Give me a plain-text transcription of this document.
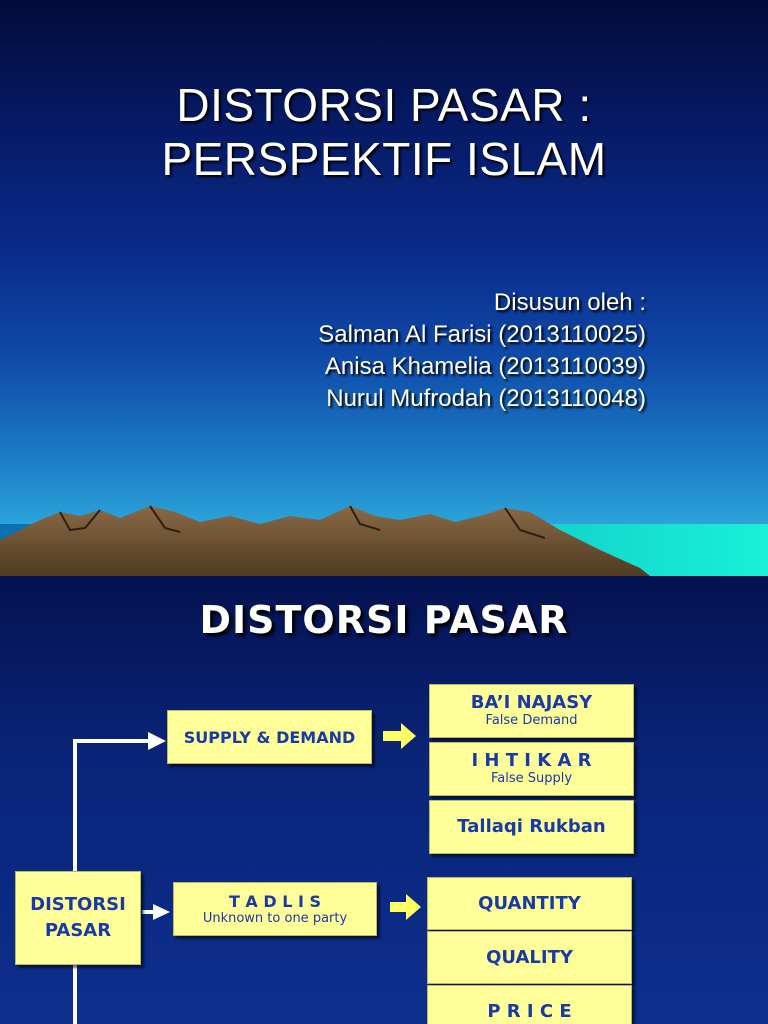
DISTORSI PASAR :
PERSPEKTIF ISLAM
Disusun oleh :
Salman Al Farisi (2013110025)
Anisa Khamelia (2013110039)
Nurul Mufrodah (2013110048)
DISTORSI PASAR
DISTORSI
PASAR
SUPPLY & DEMAND
T A D L I S
Unknown to one party
BA’I NAJASY
False Demand
I H T I K A R
False Supply
Tallaqi Rukban
QUANTITY
QUALITY
P R I C E
